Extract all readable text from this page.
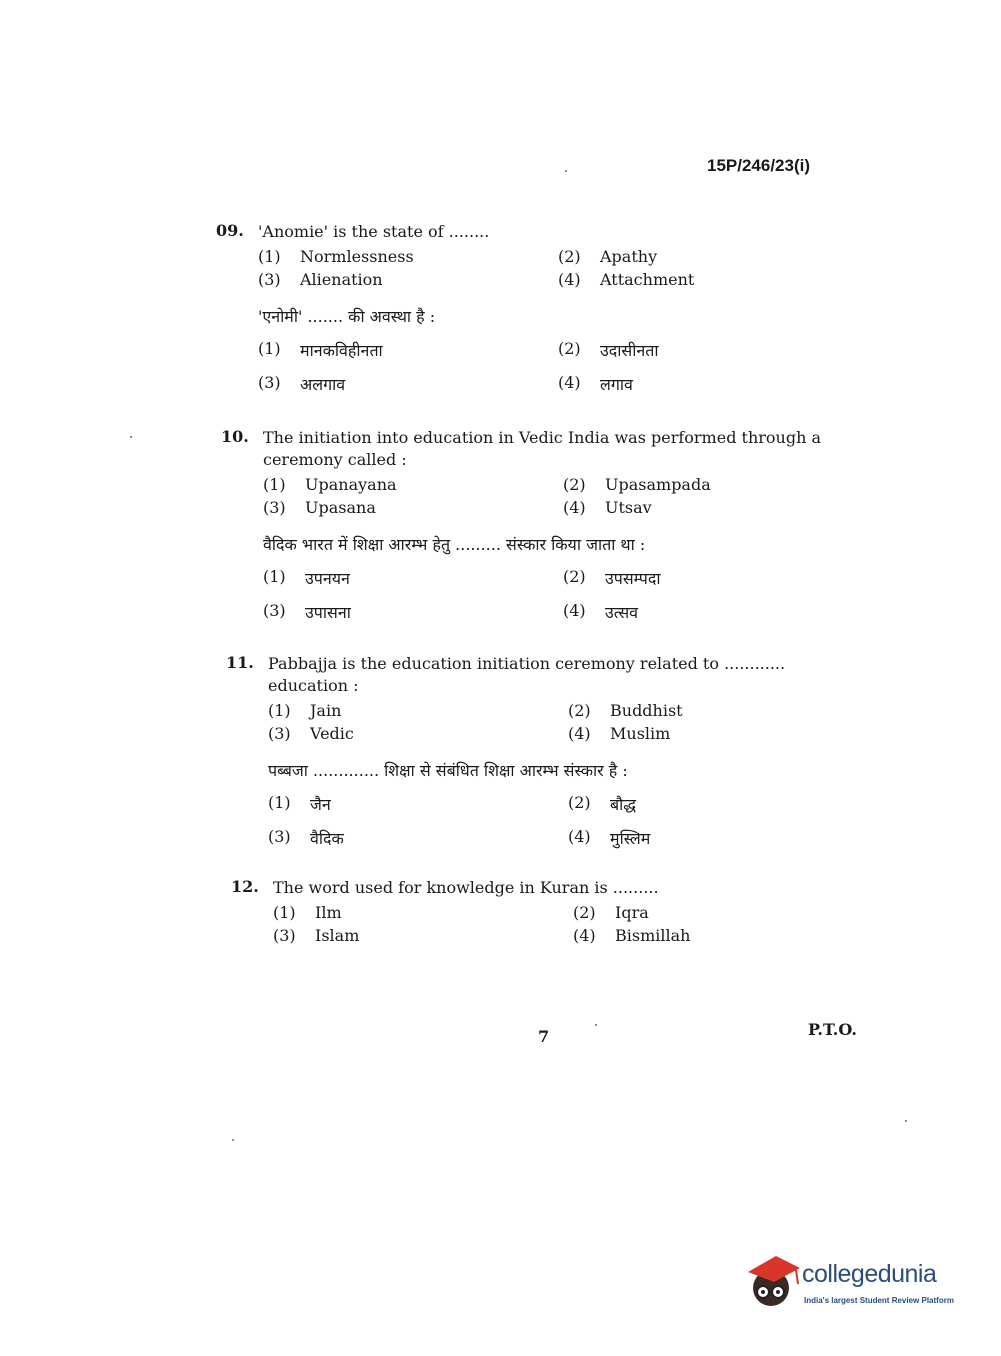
15P/246/23(i)
09. 'Anomie' is the state of ........
(1)	Normlessness	(2)	Apathy
(3)	Alienation	(4)	Attachment
'एनोमी' ....... की अवस्था है :
(1)	मानकविहीनता	(2)	उदासीनता
(3)	अलगाव	(4)	लगाव
10. The initiation into education in Vedic India was performed through a ceremony called :
(1)	Upanayana	(2)	Upasampada
(3)	Upasana	(4)	Utsav
वैदिक भारत में शिक्षा आरम्भ हेतु ......... संस्कार किया जाता था :
(1)	उपनयन	(2)	उपसम्पदा
(3)	उपासना	(4)	उत्सव
11. Pabbajja is the education initiation ceremony related to ............ education :
(1)	Jain	(2)	Buddhist
(3)	Vedic	(4)	Muslim
पब्बजा ............. शिक्षा से संबंधित शिक्षा आरम्भ संस्कार है :
(1)	जैन	(2)	बौद्ध
(3)	वैदिक	(4)	मुस्लिम
12. The word used for knowledge in Kuran is .........
(1)	Ilm	(2)	Iqra
(3)	Islam	(4)	Bismillah
7	P.T.O.
collegedunia
India's largest Student Review Platform
